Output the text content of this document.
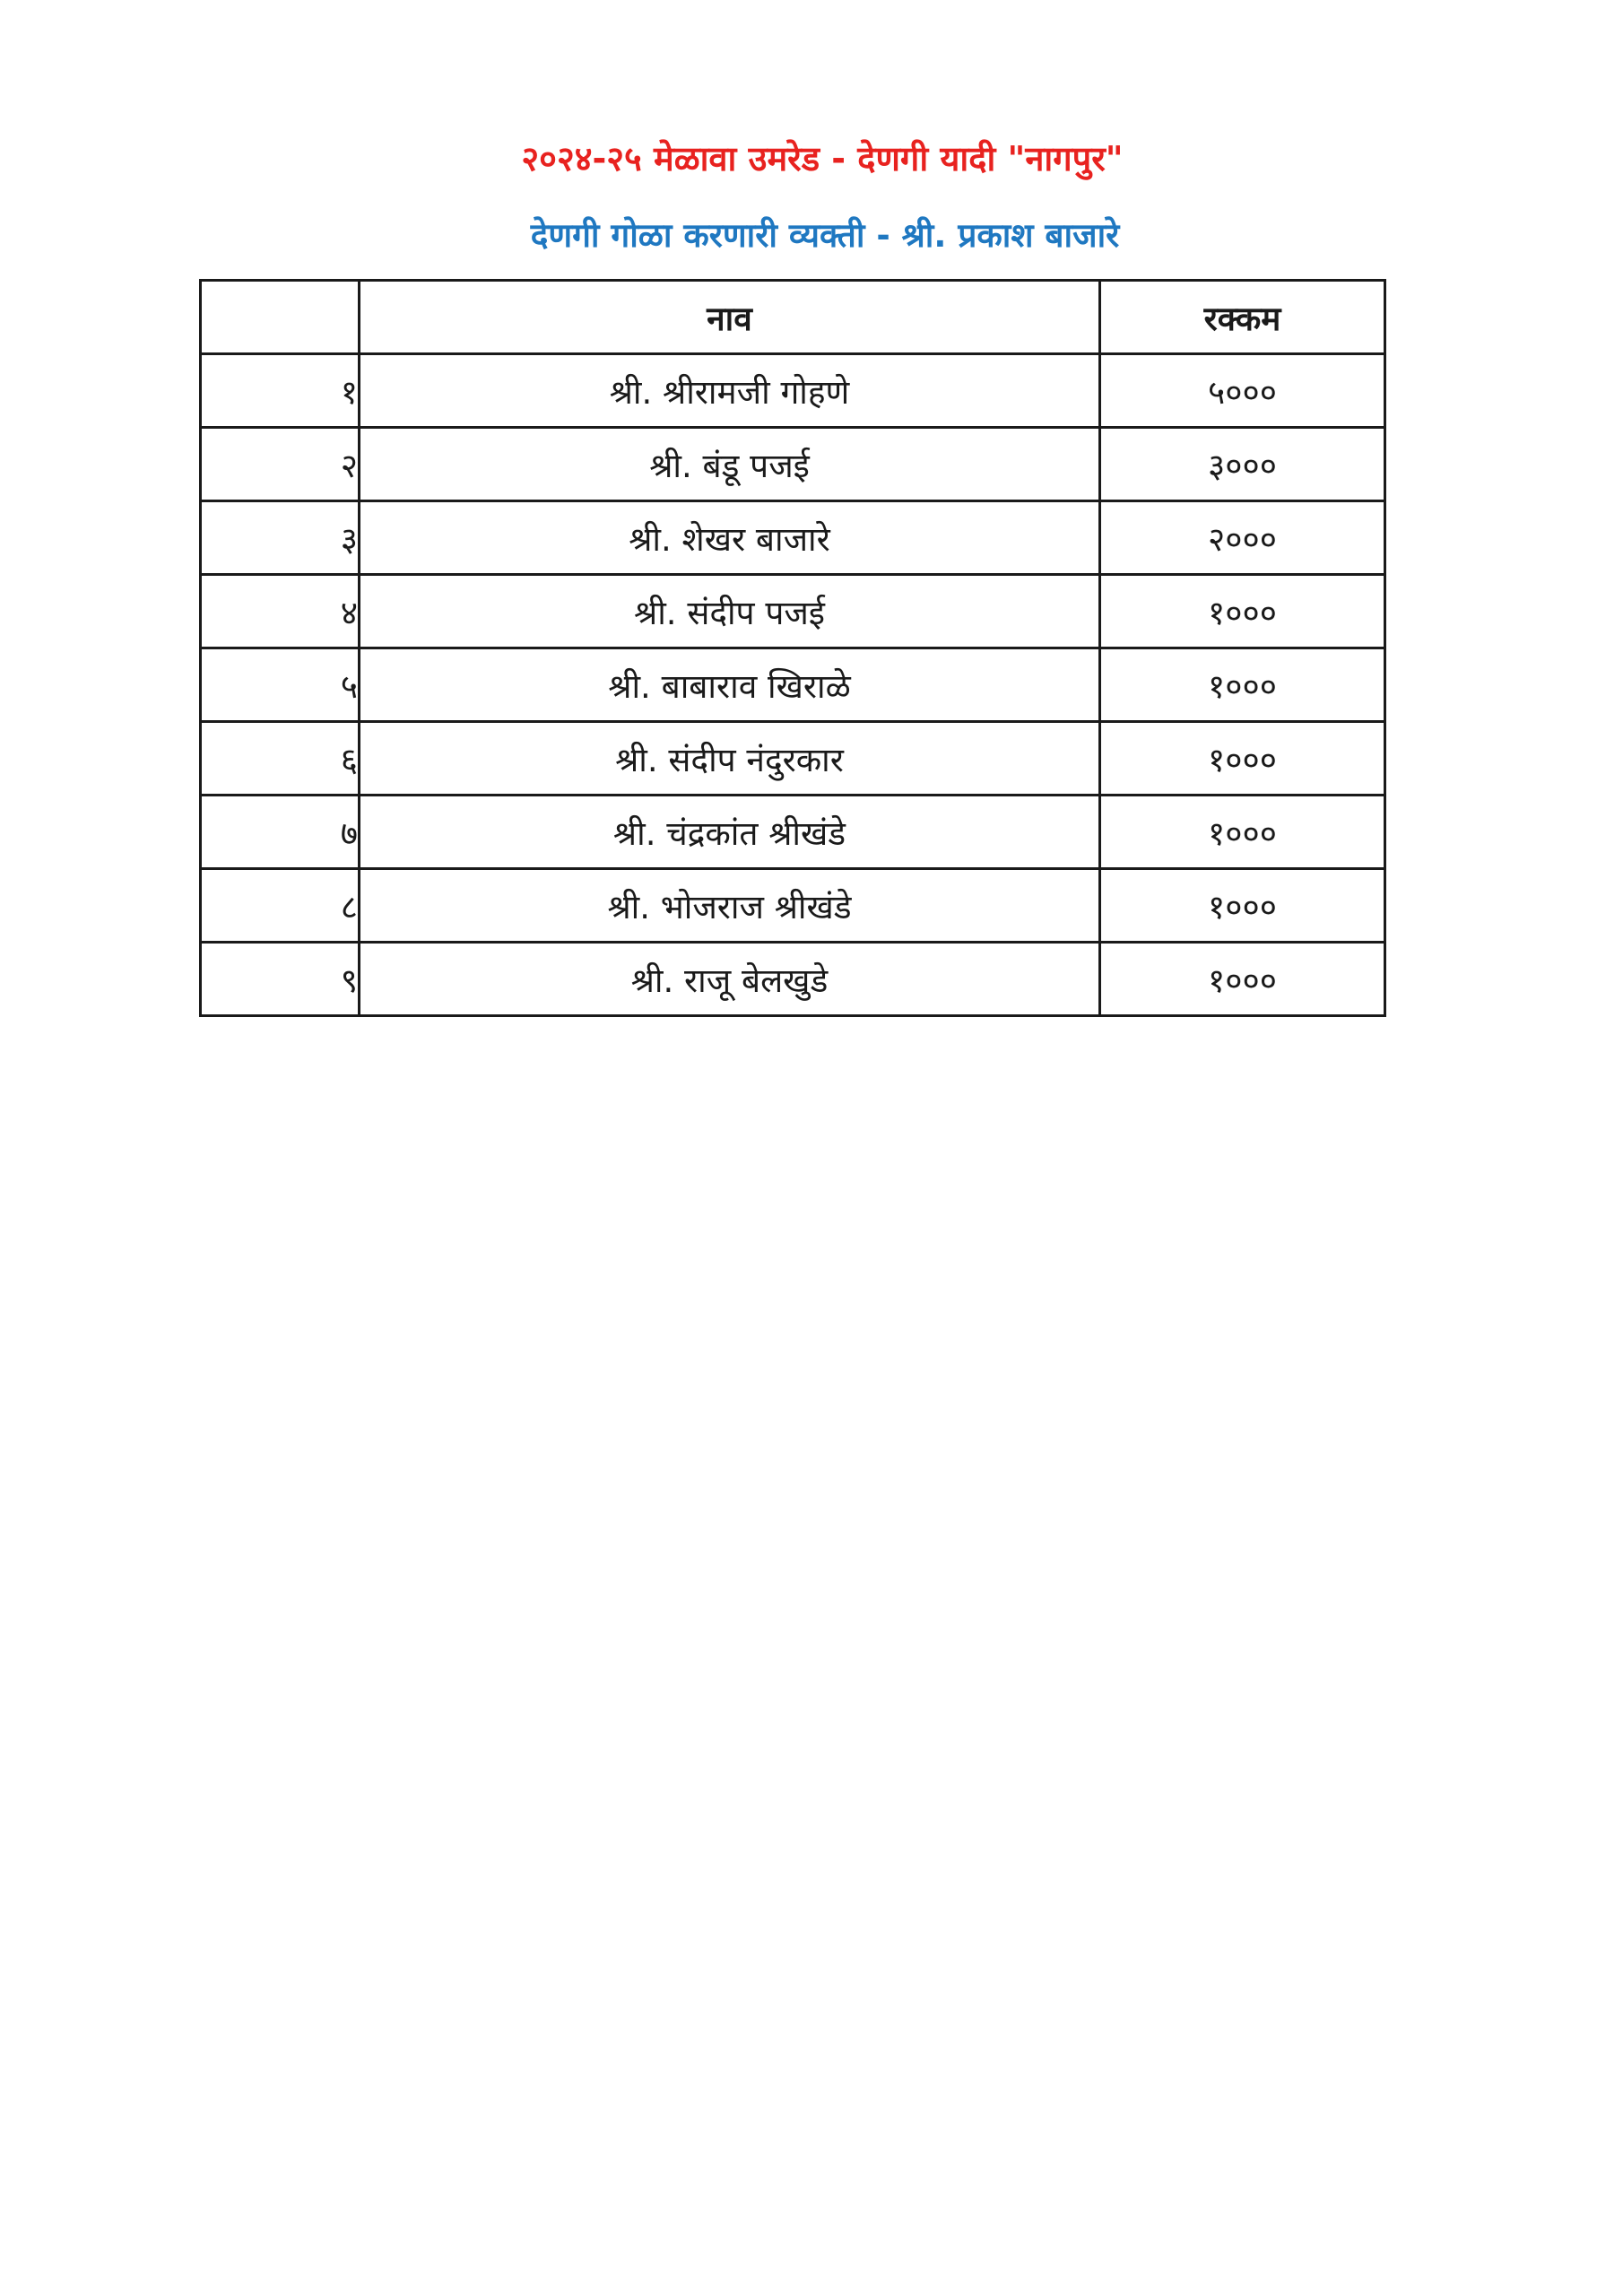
२०२४-२५ मेळावा उमरेड - देणगी यादी "नागपुर"
देणगी गोळा करणारी व्यक्ती - श्री. प्रकाश बाजारे
	नाव	रक्कम
१	श्री. श्रीरामजी गोहणे	५०००
२	श्री. बंडू पजई	३०००
३	श्री. शेखर बाजारे	२०००
४	श्री. संदीप पजई	१०००
५	श्री. बाबाराव खिराळे	१०००
६	श्री. संदीप नंदुरकार	१०००
७	श्री. चंद्रकांत श्रीखंडे	१०००
८	श्री. भोजराज श्रीखंडे	१०००
९	श्री. राजू बेलखुडे	१०००
